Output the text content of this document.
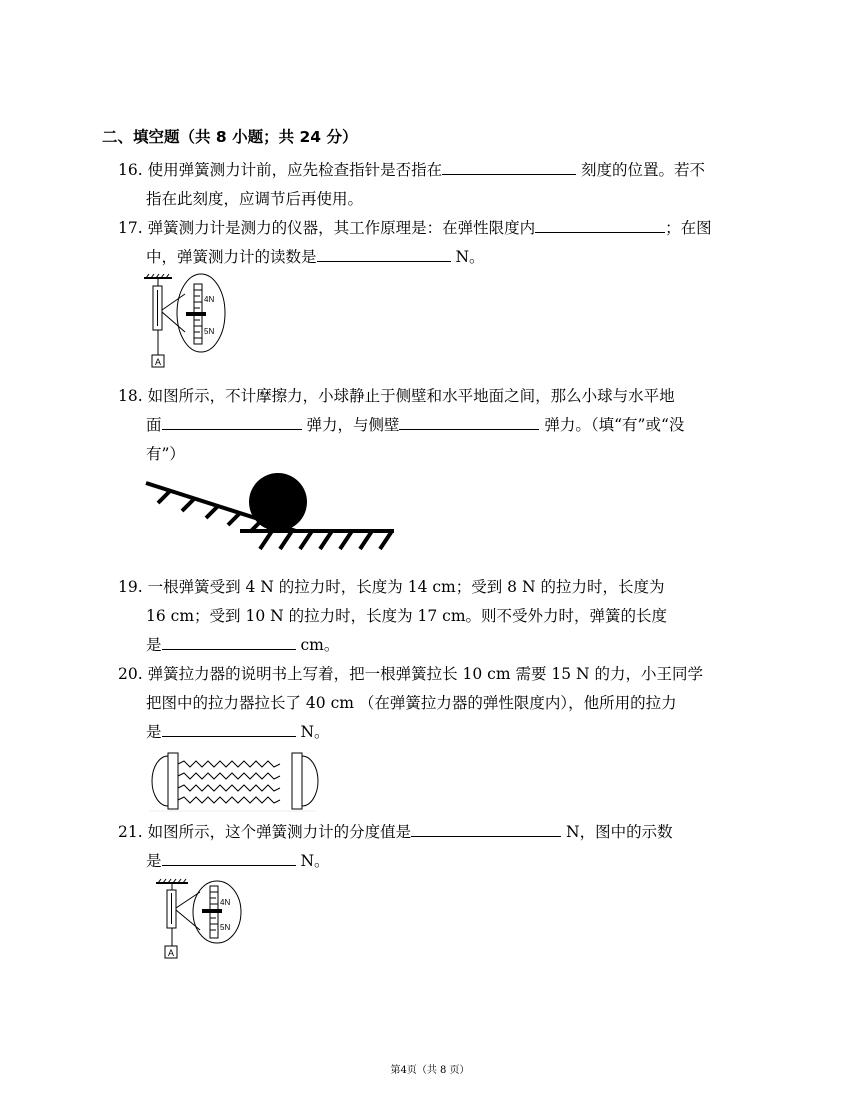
二、填空题（共 8 小题；共 24 分）
16. 使用弹簧测力计前，应先检查指针是否指在	刻度的位置。若不
指在此刻度，应调节后再使用。
17. 弹簧测力计是测力的仪器，其工作原理是：在弹性限度内	；在图
中，弹簧测力计的读数是	N。
4N
5N
A
18. 如图所示，不计摩擦力，小球静止于侧壁和水平地面之间，那么小球与水平地
面	弹力，与侧壁	弹力。（填“有”或“没
有”）
19. 一根弹簧受到 4 N 的拉力时，长度为 14 cm；受到 8 N 的拉力时，长度为
16 cm；受到 10 N 的拉力时，长度为 17 cm。则不受外力时，弹簧的长度
是	cm。
20. 弹簧拉力器的说明书上写着，把一根弹簧拉长 10 cm 需要 15 N 的力，小王同学
把图中的拉力器拉长了 40 cm （在弹簧拉力器的弹性限度内），他所用的拉力
是	N。
21. 如图所示，这个弹簧测力计的分度值是	N，图中的示数
是	N。
4N
5N
A
第4页（共 8 页）
